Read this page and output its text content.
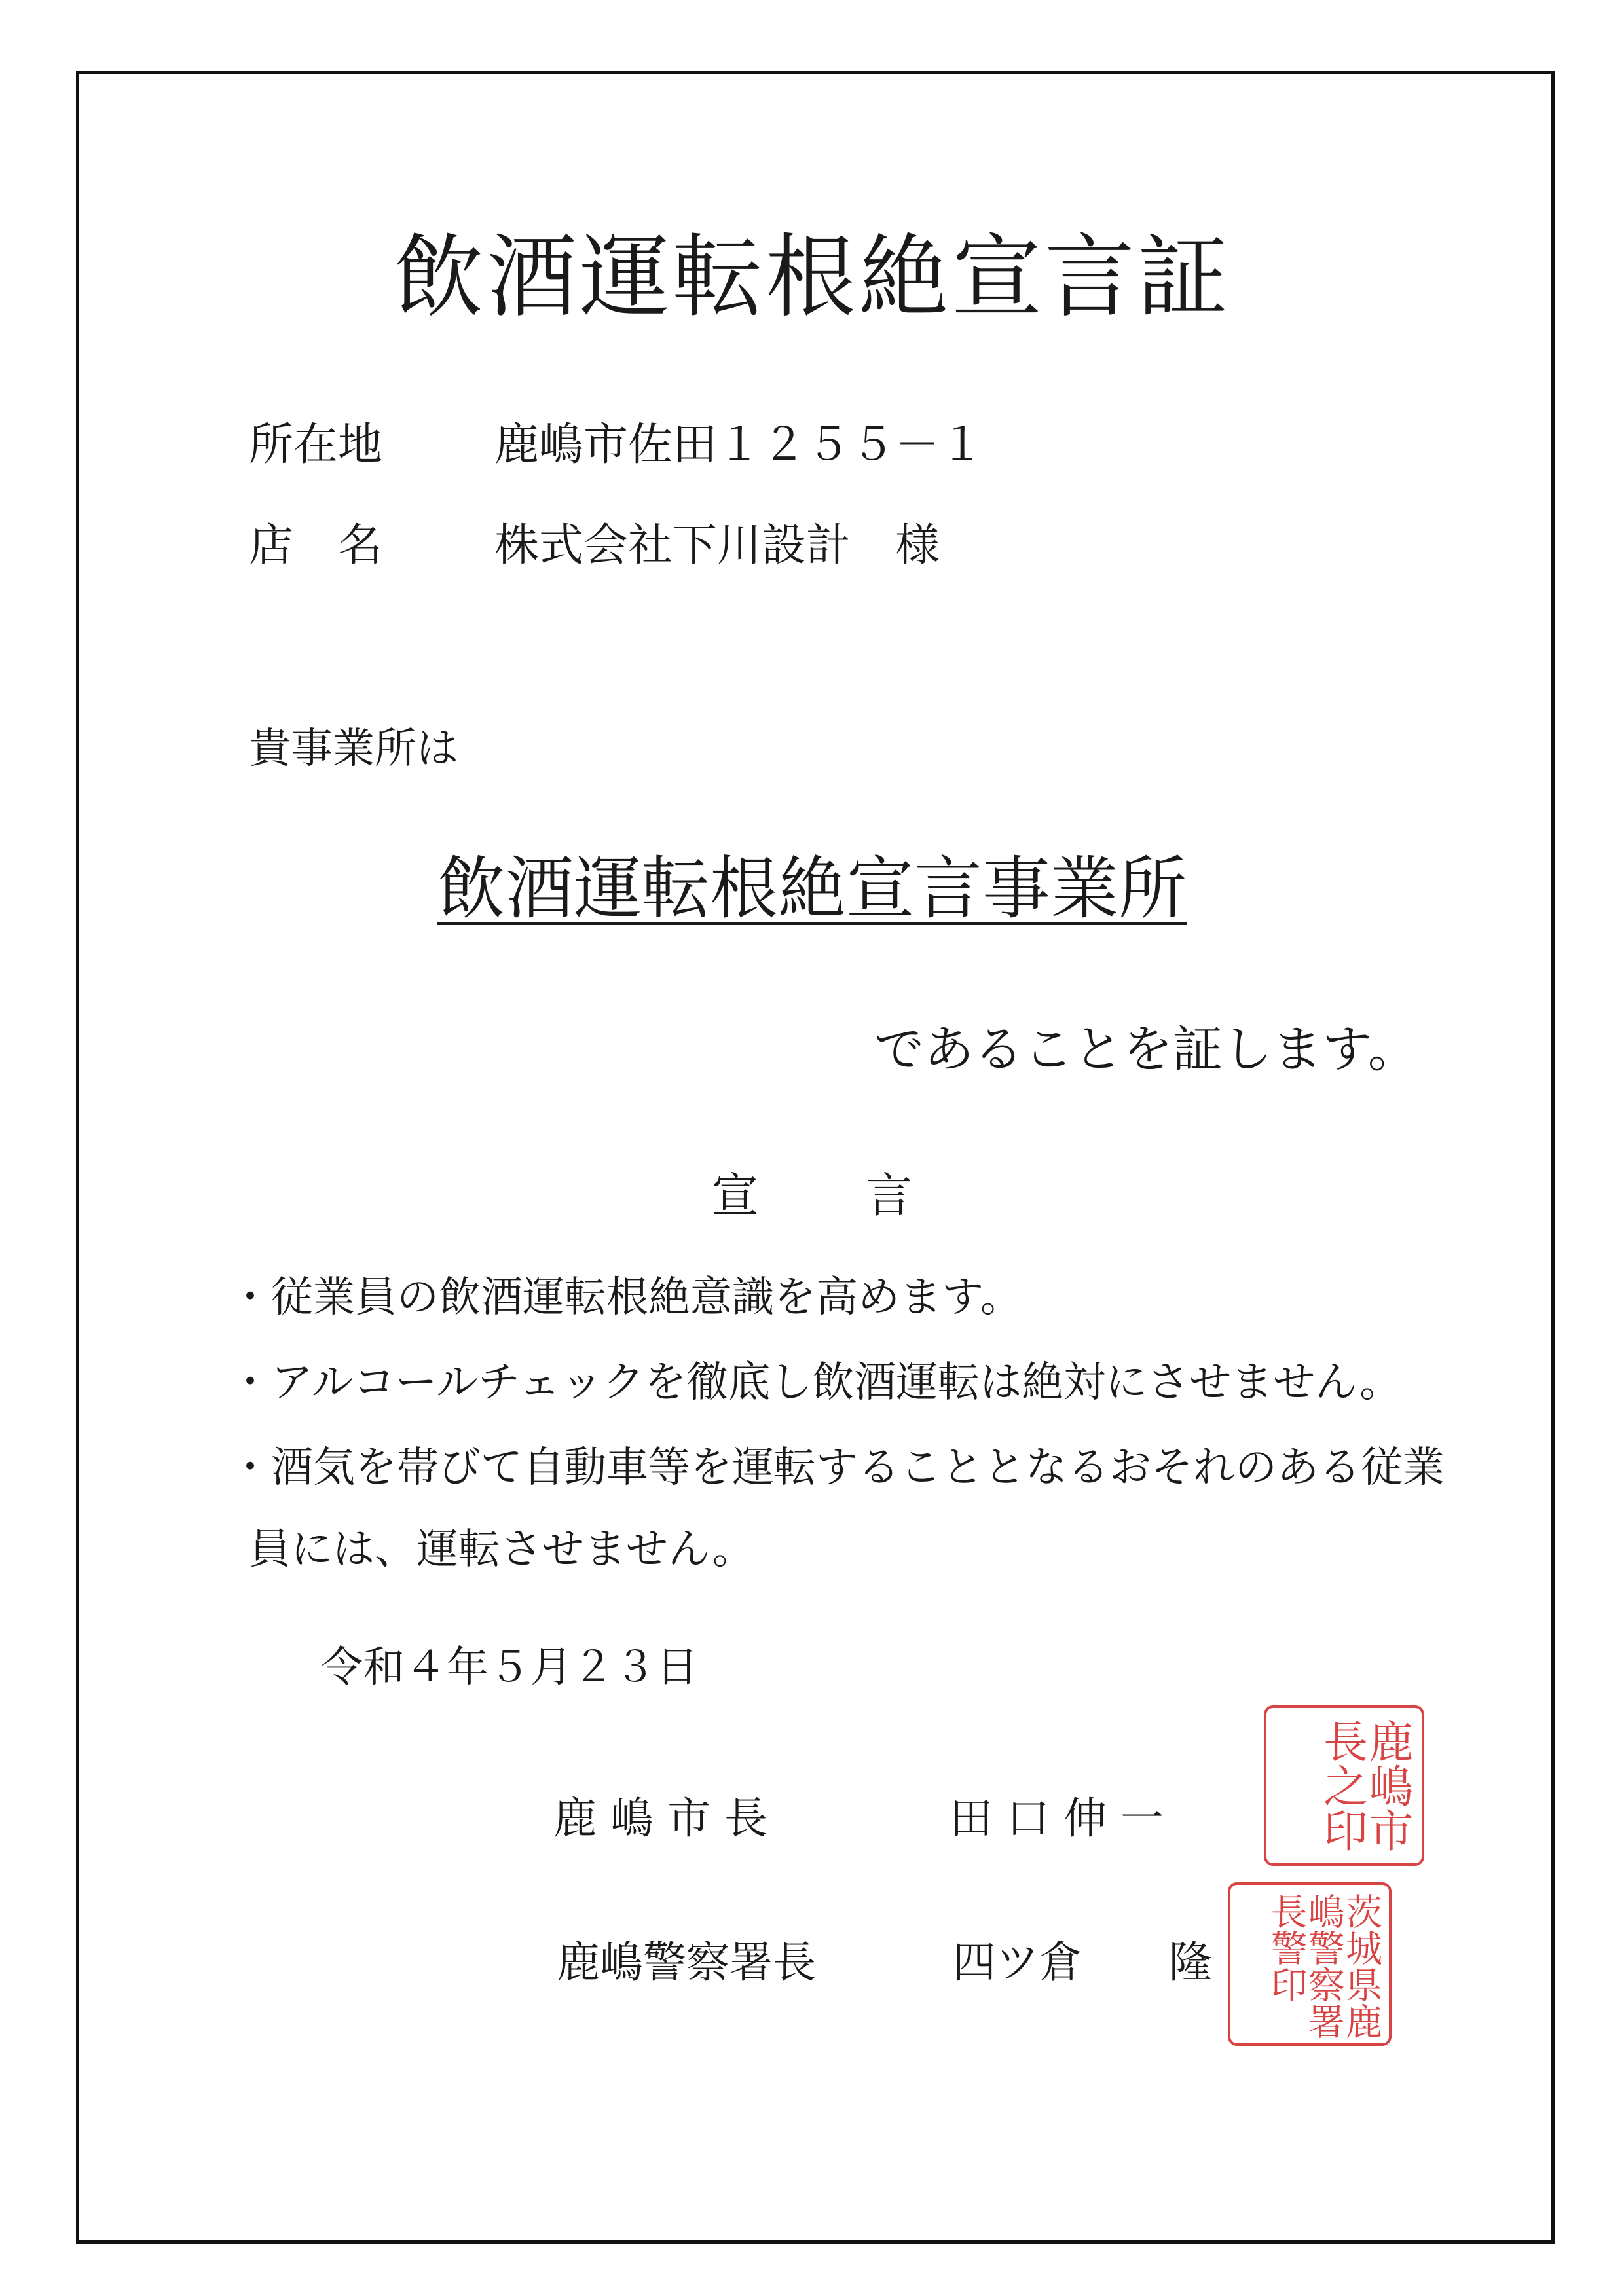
飲酒運転根絶宣言証
所在地	鹿嶋市佐田１２５５－１
店　名	株式会社下川設計　様
貴事業所は
飲酒運転根絶宣言事業所
であることを証します。
宣 言
・従業員の飲酒運転根絶意識を高めます。
・アルコールチェックを徹底し飲酒運転は絶対にさせません。
・酒気を帯びて自動車等を運転することとなるおそれのある従業
員には、運転させません。
令和４年５月２３日
鹿 嶋 市 長	田 口 伸 一
鹿嶋警察署長	四ツ倉　　隆
鹿嶋市長之印
茨城県鹿嶋警察署長警印
